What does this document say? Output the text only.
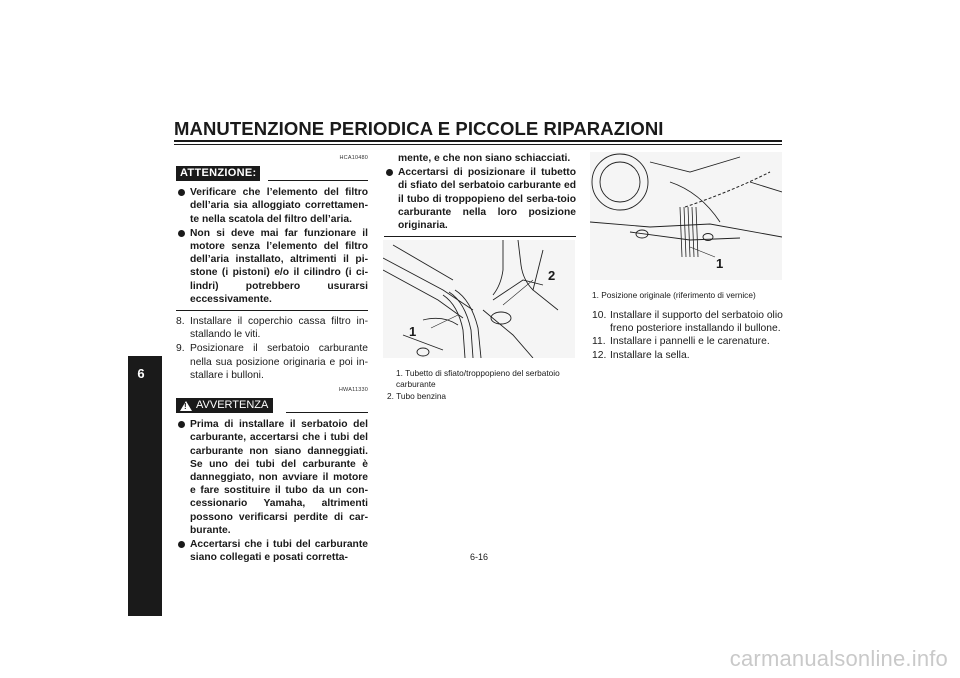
MANUTENZIONE PERIODICA E PICCOLE RIPARAZIONI
6
HCA10480
ATTENZIONE:
Verificare che l’elemento del filtro dell’aria sia alloggiato correttamen-te nella scatola del filtro dell’aria.
Non si deve mai far funzionare il motore senza l’elemento del filtro dell’aria installato, altrimenti il pi-stone (i pistoni) e/o il cilindro (i ci-lindri) potrebbero usurarsi eccessivamente.
8. Installare il coperchio cassa filtro in-stallando le viti.
9. Posizionare il serbatoio carburante nella sua posizione originaria e poi in-stallare i bulloni.
HWA11330
! AVVERTENZA
Prima di installare il serbatoio del carburante, accertarsi che i tubi del carburante non siano danneggiati. Se uno dei tubi del carburante è danneggiato, non avviare il motore e fare sostituire il tubo da un con-cessionario Yamaha, altrimenti possono verificarsi perdite di car-burante.
Accertarsi che i tubi del carburante siano collegati e posati corretta-
mente, e che non siano schiacciati.
Accertarsi di posizionare il tubetto di sfiato del serbatoio carburante ed il tubo di troppopieno del serba-toio carburante nella loro posizione originaria.
1
2
1. Tubetto di sfiato/troppopieno del serbatoio carburante
2. Tubo benzina
1
1. Posizione originale (riferimento di vernice)
10. Installare il supporto del serbatoio olio freno posteriore installando il bullone.
11. Installare i pannelli e le carenature.
12. Installare la sella.
6-16
carmanualsonline.info
